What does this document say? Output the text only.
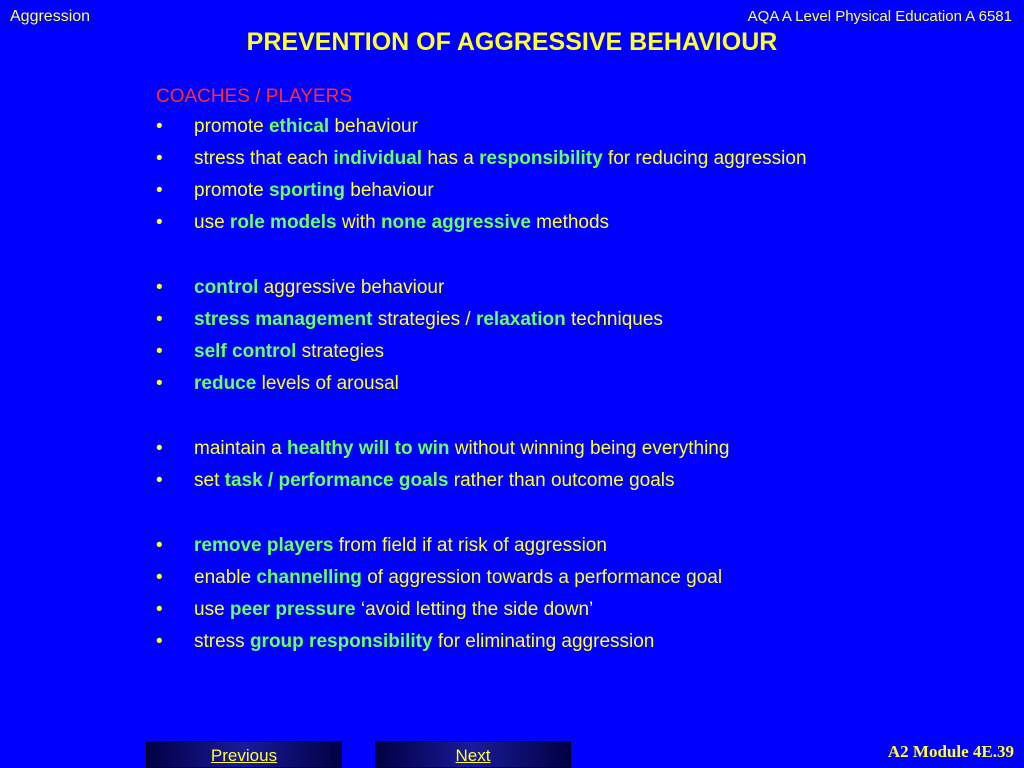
Aggression	AQA A Level Physical Education A 6581
PREVENTION OF AGGRESSIVE BEHAVIOUR
COACHES / PLAYERS
•	promote ethical behaviour
•	stress that each individual has a responsibility for reducing aggression
•	promote sporting behaviour
•	use role models with none aggressive methods
•	control aggressive behaviour
•	stress management strategies / relaxation techniques
•	self control strategies
•	reduce levels of arousal
•	maintain a healthy will to win without winning being everything
•	set task / performance goals rather than outcome goals
•	remove players from field if at risk of aggression
•	enable channelling of aggression towards a performance goal
•	use peer pressure ‘avoid letting the side down’
•	stress group responsibility for eliminating aggression
Previous	Next	A2 Module 4E.39
